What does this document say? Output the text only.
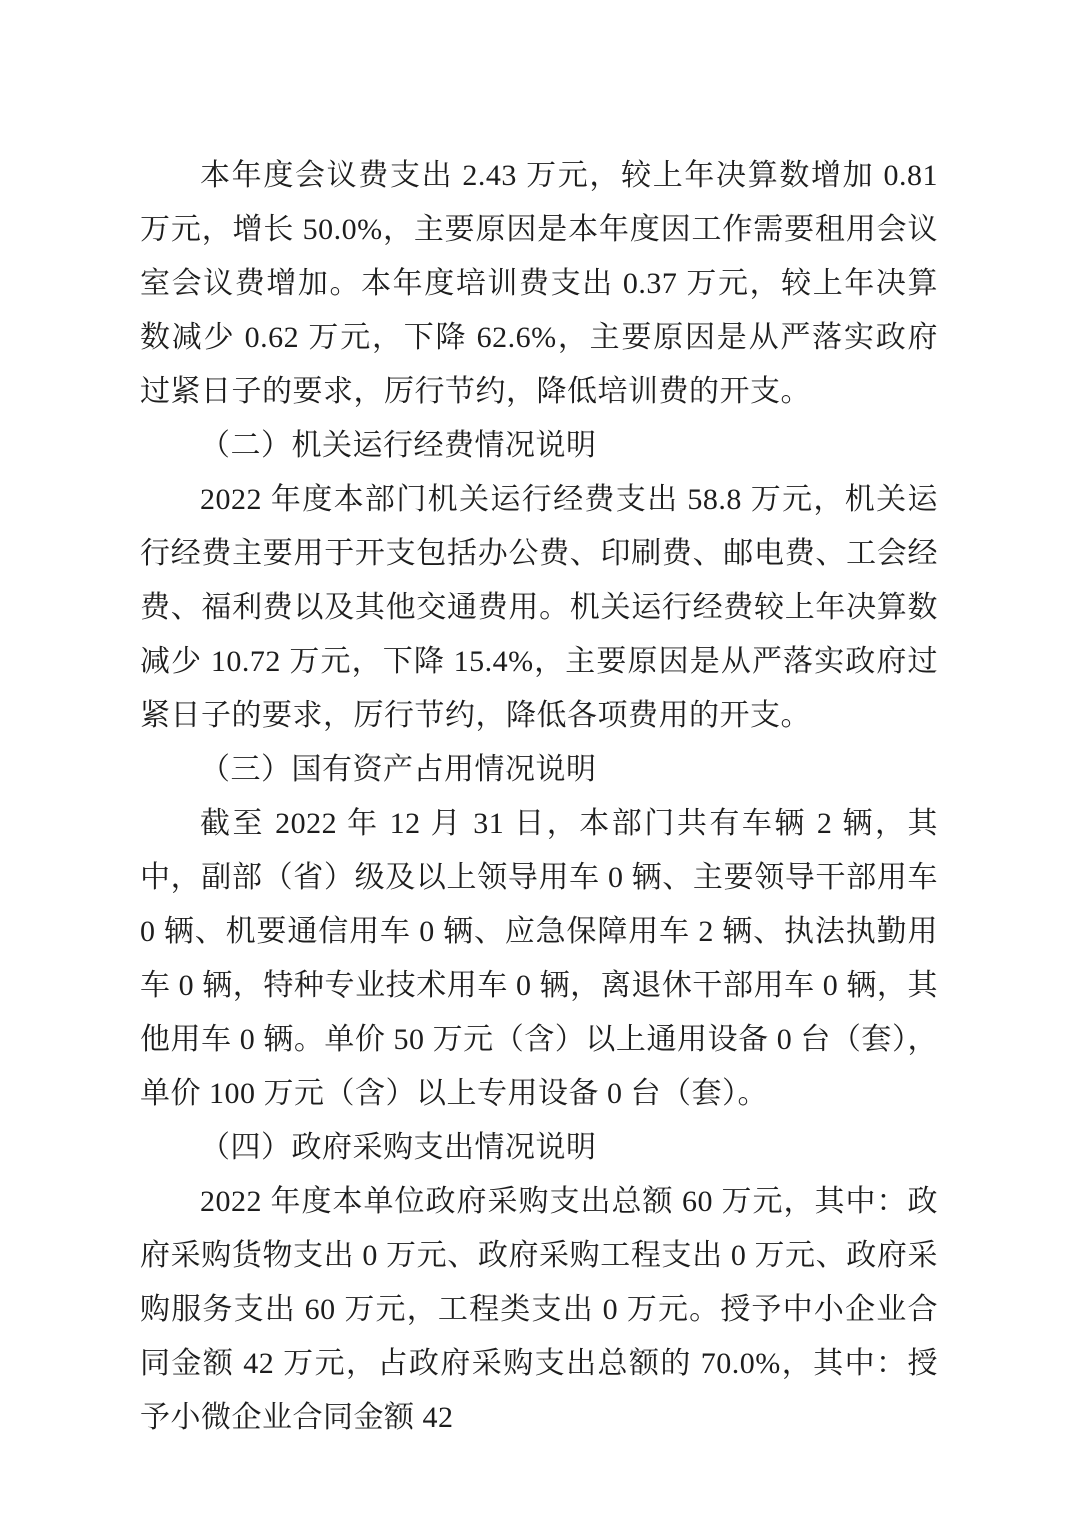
本年度会议费支出 2.43 万元，较上年决算数增加 0.81 万元，增长 50.0%，主要原因是本年度因工作需要租用会议室会议费增加。本年度培训费支出 0.37 万元，较上年决算数减少 0.62 万元，下降 62.6%，主要原因是从严落实政府过紧日子的要求，厉行节约，降低培训费的开支。

（二）机关运行经费情况说明

2022 年度本部门机关运行经费支出 58.8 万元，机关运行经费主要用于开支包括办公费、印刷费、邮电费、工会经费、福利费以及其他交通费用。机关运行经费较上年决算数减少 10.72 万元，下降 15.4%，主要原因是从严落实政府过紧日子的要求，厉行节约，降低各项费用的开支。

（三）国有资产占用情况说明

截至 2022 年 12 月 31 日，本部门共有车辆 2 辆，其中，副部（省）级及以上领导用车 0 辆、主要领导干部用车 0 辆、机要通信用车 0 辆、应急保障用车 2 辆、执法执勤用车 0 辆，特种专业技术用车 0 辆，离退休干部用车 0 辆，其他用车 0 辆。单价 50 万元（含）以上通用设备 0 台（套），单价 100 万元（含）以上专用设备 0 台（套）。

（四）政府采购支出情况说明

2022 年度本单位政府采购支出总额 60 万元，其中：政府采购货物支出 0 万元、政府采购工程支出 0 万元、政府采购服务支出 60 万元，工程类支出 0 万元。授予中小企业合同金额 42 万元，占政府采购支出总额的 70.0%，其中：授予小微企业合同金额 42
